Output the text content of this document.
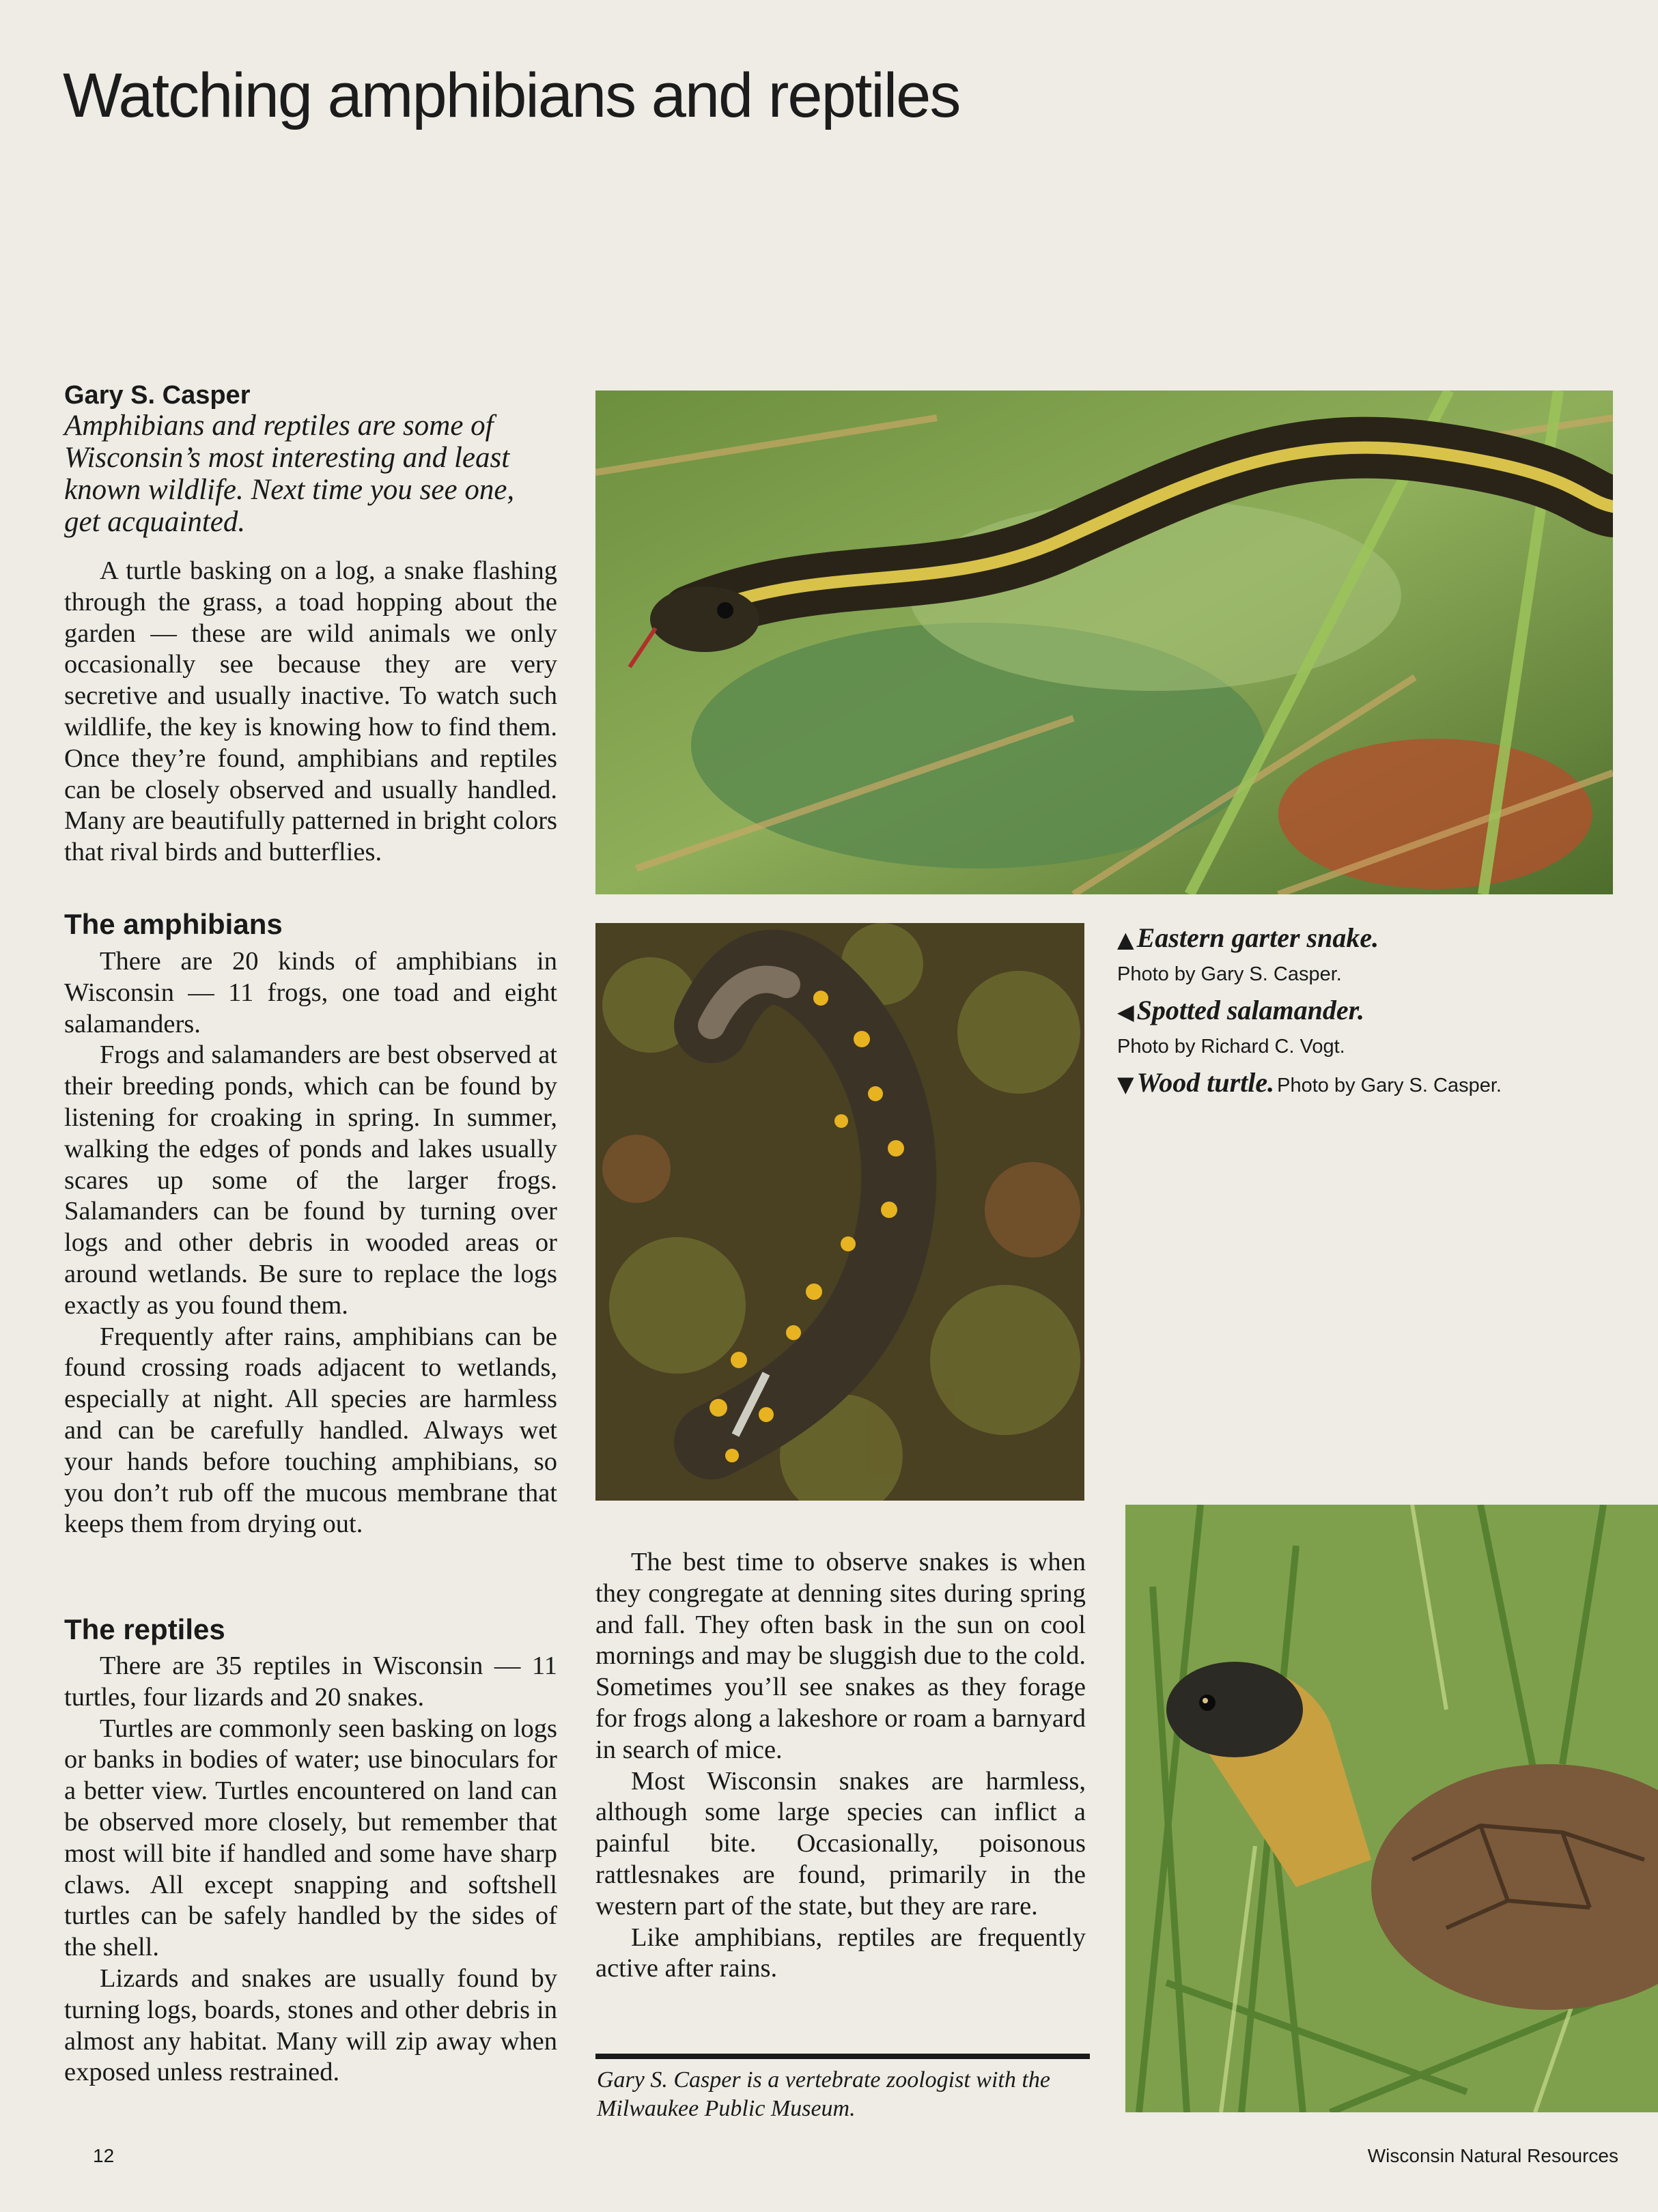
Watching amphibians and reptiles
Gary S. Casper

Amphibians and reptiles are some of Wisconsin’s most interesting and least known wildlife. Next time you see one, get acquainted.

A turtle basking on a log, a snake flashing through the grass, a toad hopping about the garden — these are wild animals we only occasionally see because they are very secretive and usually inactive. To watch such wildlife, the key is knowing how to find them. Once they’re found, amphibians and reptiles can be closely observed and usually handled. Many are beautifully patterned in bright colors that rival birds and butterflies.

The amphibians

There are 20 kinds of amphibians in Wisconsin — 11 frogs, one toad and eight salamanders.

Frogs and salamanders are best observed at their breeding ponds, which can be found by listening for croaking in spring. In summer, walking the edges of ponds and lakes usually scares up some of the larger frogs. Salamanders can be found by turning over logs and other debris in wooded areas or around wetlands. Be sure to replace the logs exactly as you found them.

Frequently after rains, amphibians can be found crossing roads adjacent to wetlands, especially at night. All species are harmless and can be carefully handled. Always wet your hands before touching amphibians, so you don’t rub off the mucous membrane that keeps them from drying out.

The reptiles

There are 35 reptiles in Wisconsin — 11 turtles, four lizards and 20 snakes.

Turtles are commonly seen basking on logs or banks in bodies of water; use binoculars for a better view. Turtles encountered on land can be observed more closely, but remember that most will bite if handled and some have sharp claws. All except snapping and softshell turtles can be safely handled by the sides of the shell.

Lizards and snakes are usually found by turning logs, boards, stones and other debris in almost any habitat. Many will zip away when exposed unless restrained.

The best time to observe snakes is when they congregate at denning sites during spring and fall. They often bask in the sun on cool mornings and may be sluggish due to the cold. Sometimes you’ll see snakes as they forage for frogs along a lakeshore or roam a barnyard in search of mice.

Most Wisconsin snakes are harmless, although some large species can inflict a painful bite. Occasionally, poisonous rattlesnakes are found, primarily in the western part of the state, but they are rare.

Like amphibians, reptiles are frequently active after rains.

Gary S. Casper is a vertebrate zoologist with the Milwaukee Public Museum.

▲ Eastern garter snake.
Photo by Gary S. Casper.

◀ Spotted salamander.
Photo by Richard C. Vogt.

▼ Wood turtle. Photo by Gary S. Casper.

12	Wisconsin Natural Resources
